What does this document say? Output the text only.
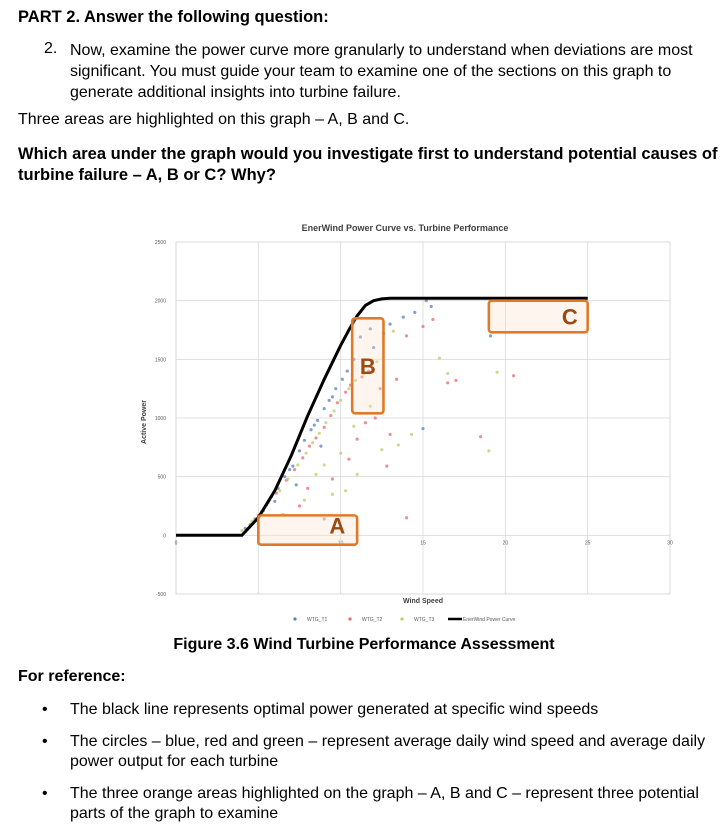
PART 2. Answer the following question:
2. Now, examine the power curve more granularly to understand when deviations are most significant. You must guide your team to examine one of the sections on this graph to generate additional insights into turbine failure.
Three areas are highlighted on this graph – A, B and C.
Which area under the graph would you investigate first to understand potential causes of turbine failure – A, B or C? Why?
EnerWind Power Curve vs. Turbine Performance
-500
0
500
1000
1500
2000
2500
0	15	20	25	30
A
B
C
Active Power
Wind Speed
WTG_T1	WTG_T2	WTG_T3	EnerWind Power Curve
Figure 3.6 Wind Turbine Performance Assessment
For reference:
• The black line represents optimal power generated at specific wind speeds
• The circles – blue, red and green – represent average daily wind speed and average daily power output for each turbine
• The three orange areas highlighted on the graph – A, B and C – represent three potential parts of the graph to examine
